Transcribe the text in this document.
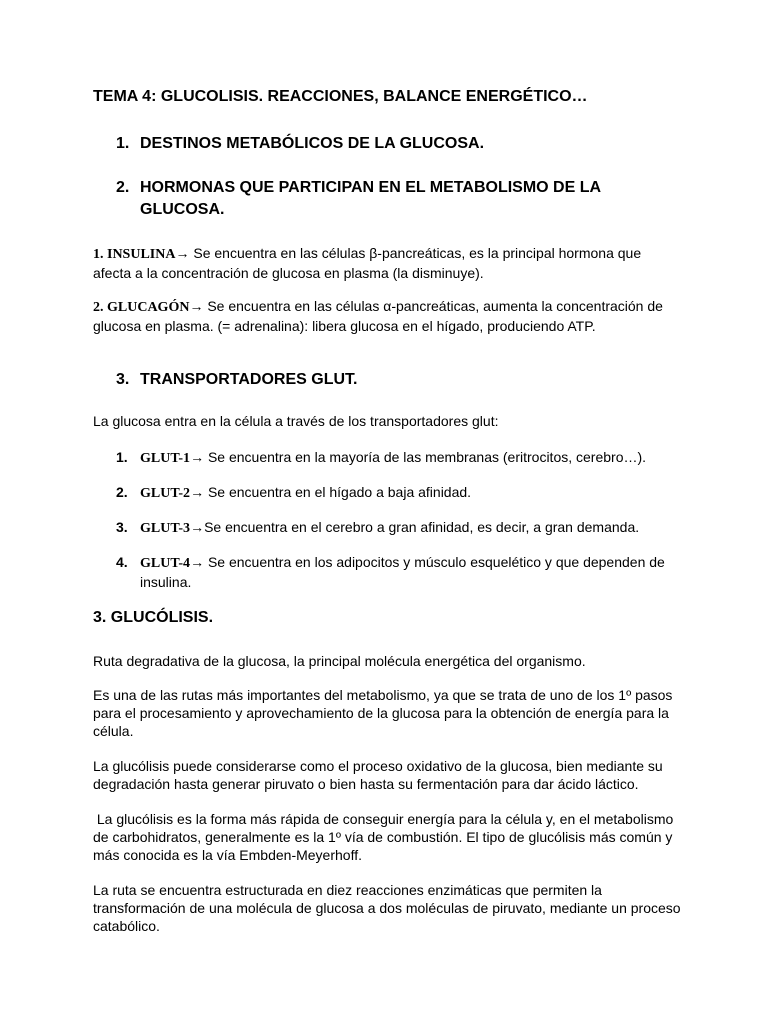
TEMA 4: GLUCOLISIS. REACCIONES, BALANCE ENERGÉTICO…
1. DESTINOS METABÓLICOS DE LA GLUCOSA.
2. HORMONAS QUE PARTICIPAN EN EL METABOLISMO DE LA GLUCOSA.

1. INSULINA→ Se encuentra en las células β-pancreáticas, es la principal hormona que afecta a la concentración de glucosa en plasma (la disminuye).

2. GLUCAGÓN→ Se encuentra en las células α-pancreáticas, aumenta la concentración de glucosa en plasma. (= adrenalina): libera glucosa en el hígado, produciendo ATP.

3. TRANSPORTADORES GLUT.

La glucosa entra en la célula a través de los transportadores glut:

1. GLUT-1→ Se encuentra en la mayoría de las membranas (eritrocitos, cerebro…).
2. GLUT-2→ Se encuentra en el hígado a baja afinidad.
3. GLUT-3→Se encuentra en el cerebro a gran afinidad, es decir, a gran demanda.
4. GLUT-4→ Se encuentra en los adipocitos y músculo esquelético y que dependen de insulina.
3. GLUCÓLISIS.

Ruta degradativa de la glucosa, la principal molécula energética del organismo.

Es una de las rutas más importantes del metabolismo, ya que se trata de uno de los 1º pasos para el procesamiento y aprovechamiento de la glucosa para la obtención de energía para la célula.

La glucólisis puede considerarse como el proceso oxidativo de la glucosa, bien mediante su degradación hasta generar piruvato o bien hasta su fermentación para dar ácido láctico.

La glucólisis es la forma más rápida de conseguir energía para la célula y, en el metabolismo de carbohidratos, generalmente es la 1º vía de combustión. El tipo de glucólisis más común y más conocida es la vía Embden-Meyerhoff.

La ruta se encuentra estructurada en diez reacciones enzimáticas que permiten la transformación de una molécula de glucosa a dos moléculas de piruvato, mediante un proceso catabólico.
